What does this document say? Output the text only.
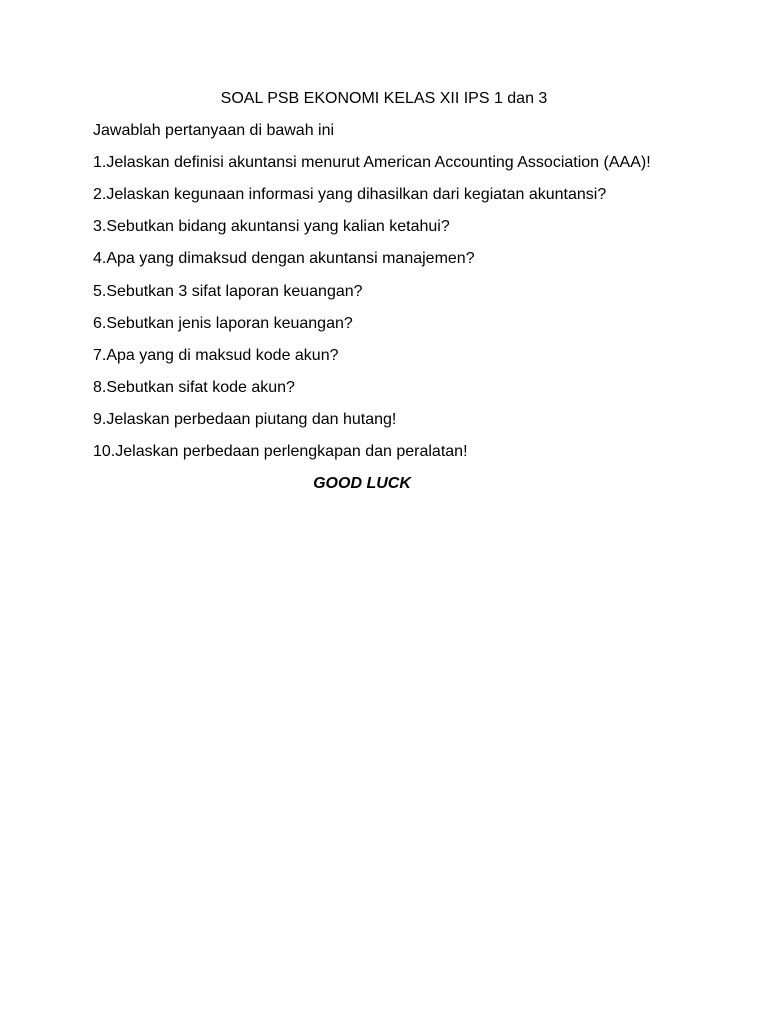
SOAL PSB EKONOMI KELAS XII IPS 1 dan 3
Jawablah pertanyaan di bawah ini
1.Jelaskan definisi akuntansi menurut American Accounting Association (AAA)!
2.Jelaskan kegunaan informasi yang dihasilkan dari kegiatan akuntansi?
3.Sebutkan bidang akuntansi yang kalian ketahui?
4.Apa yang dimaksud dengan akuntansi manajemen?
5.Sebutkan 3 sifat laporan keuangan?
6.Sebutkan jenis laporan keuangan?
7.Apa yang di maksud kode akun?
8.Sebutkan sifat kode akun?
9.Jelaskan perbedaan piutang dan hutang!
10.Jelaskan perbedaan perlengkapan dan peralatan!
GOOD LUCK
